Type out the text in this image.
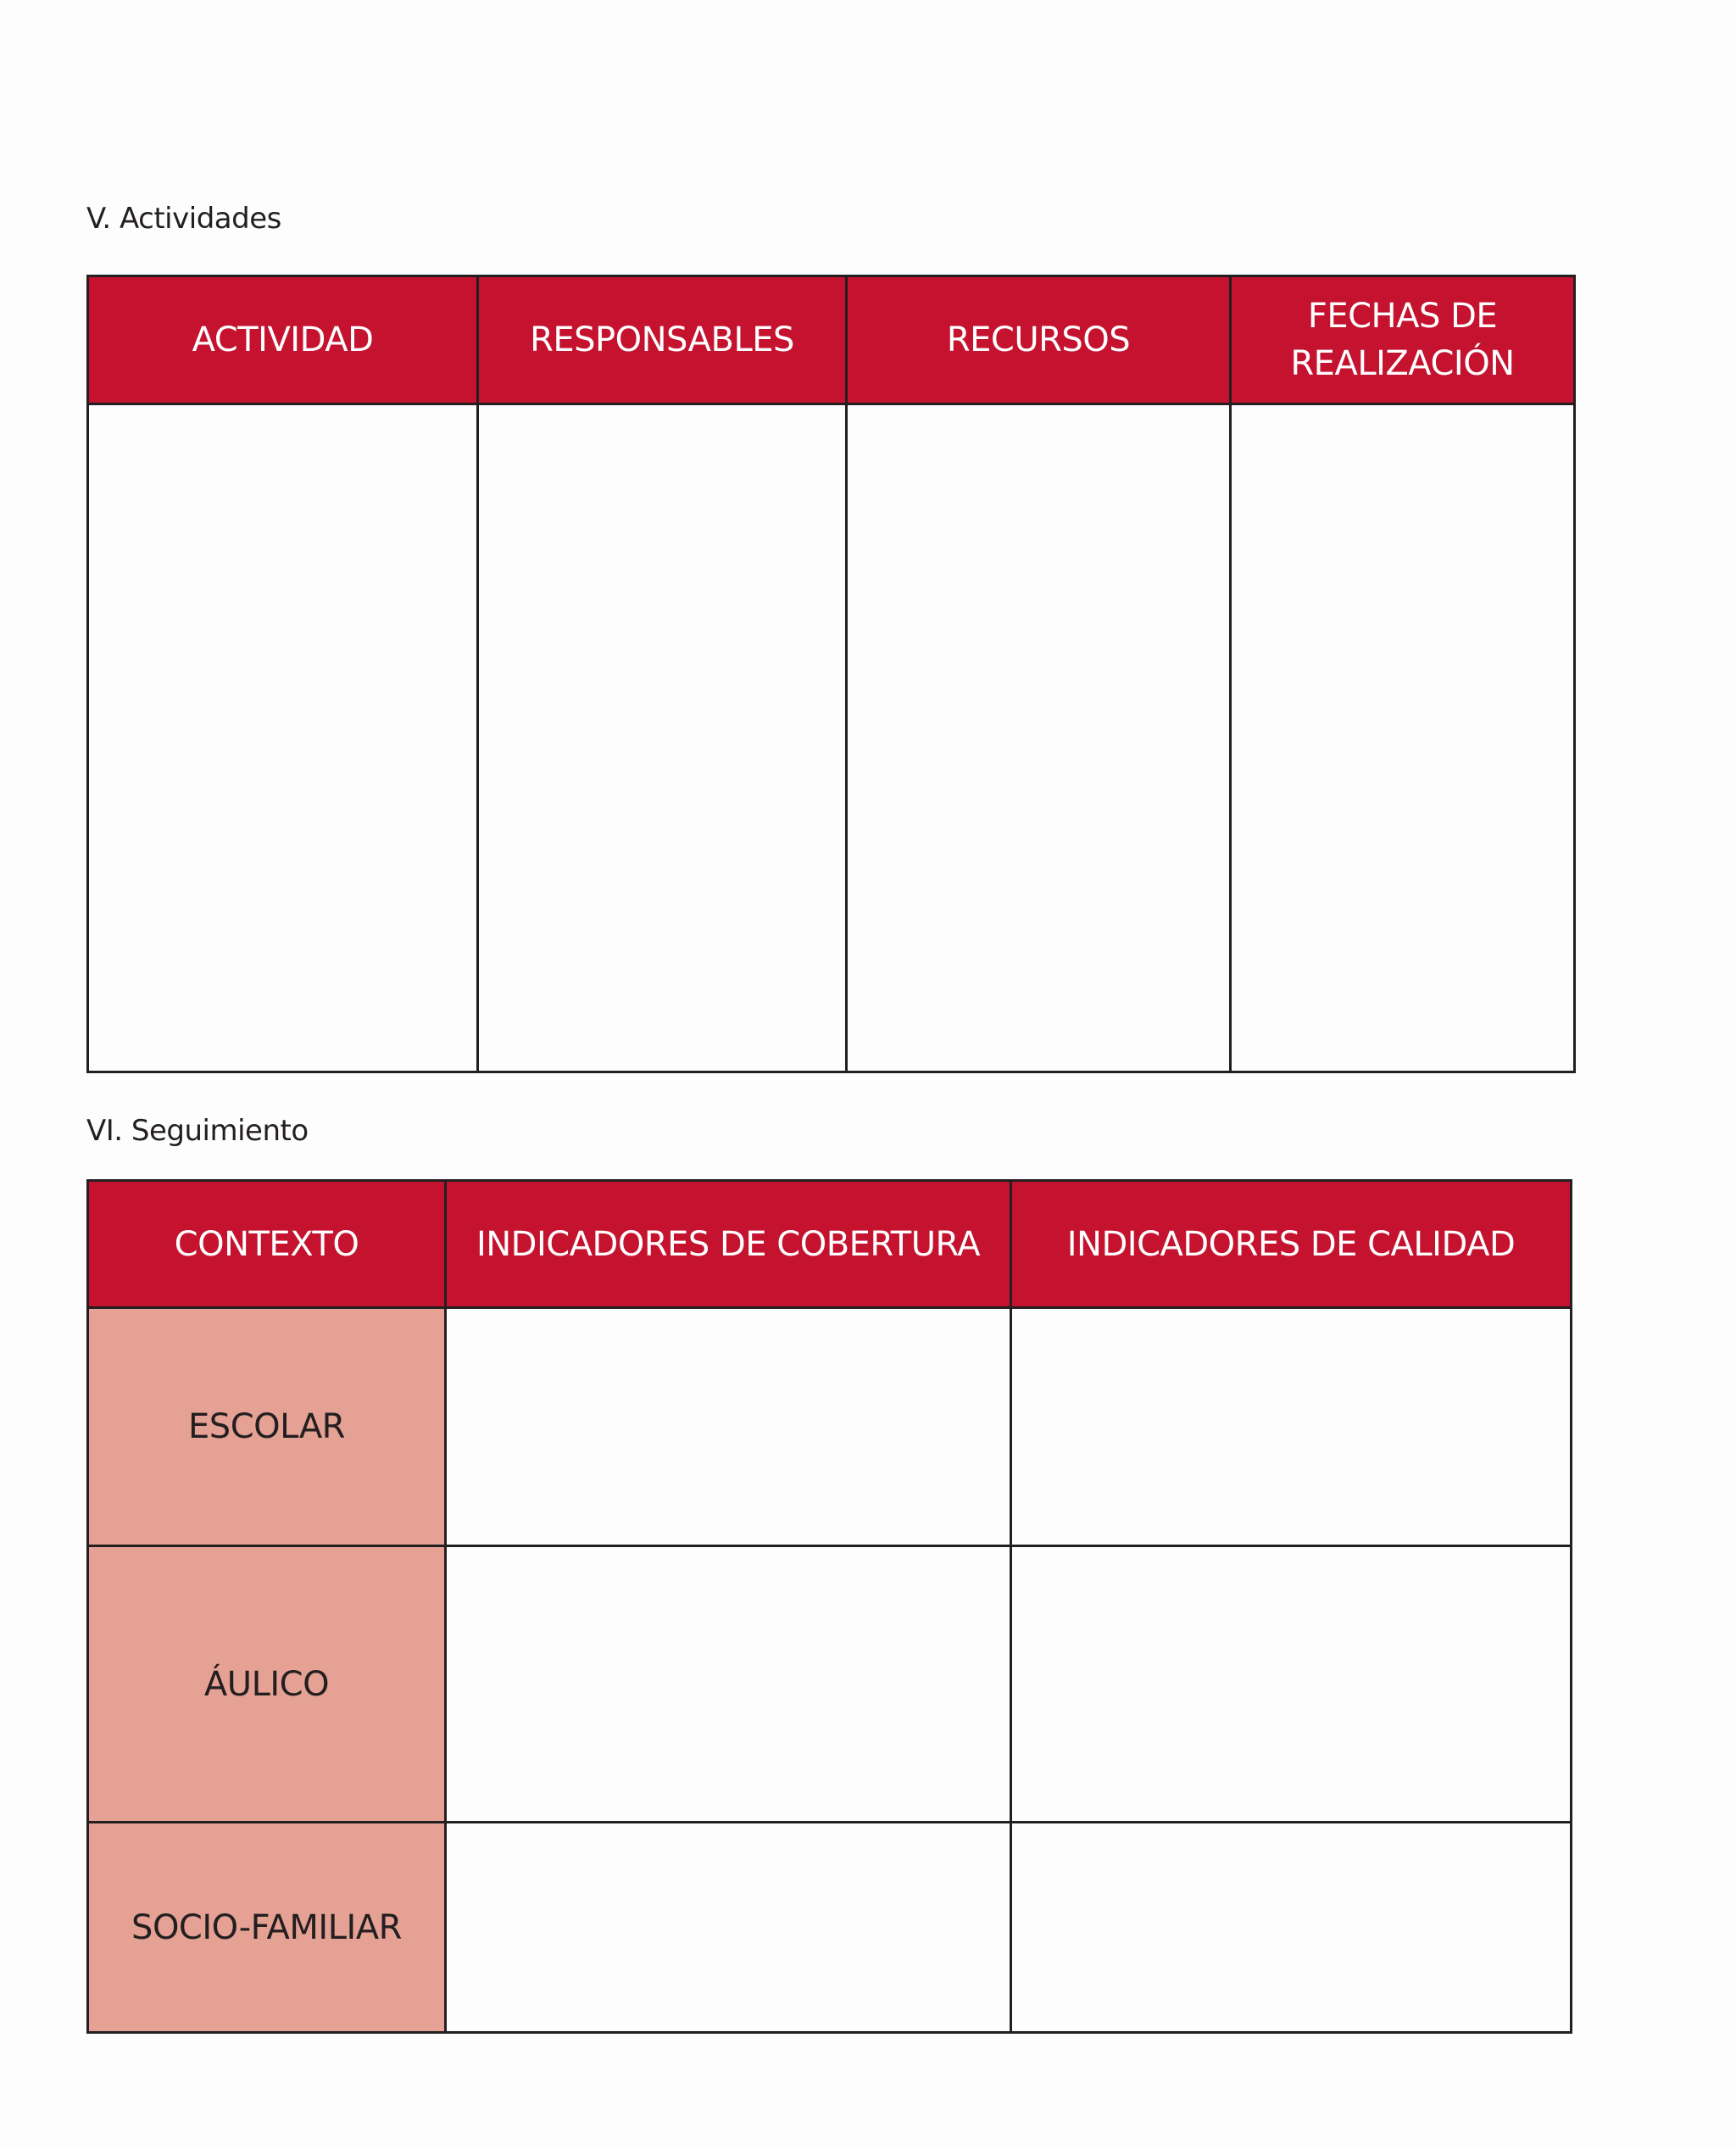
V. Actividades
ACTIVIDAD	RESPONSABLES	RECURSOS	FECHAS DE REALIZACIÓN

VI. Seguimiento
CONTEXTO	INDICADORES DE COBERTURA	INDICADORES DE CALIDAD
ESCOLAR		
ÁULICO		
SOCIO-FAMILIAR		
